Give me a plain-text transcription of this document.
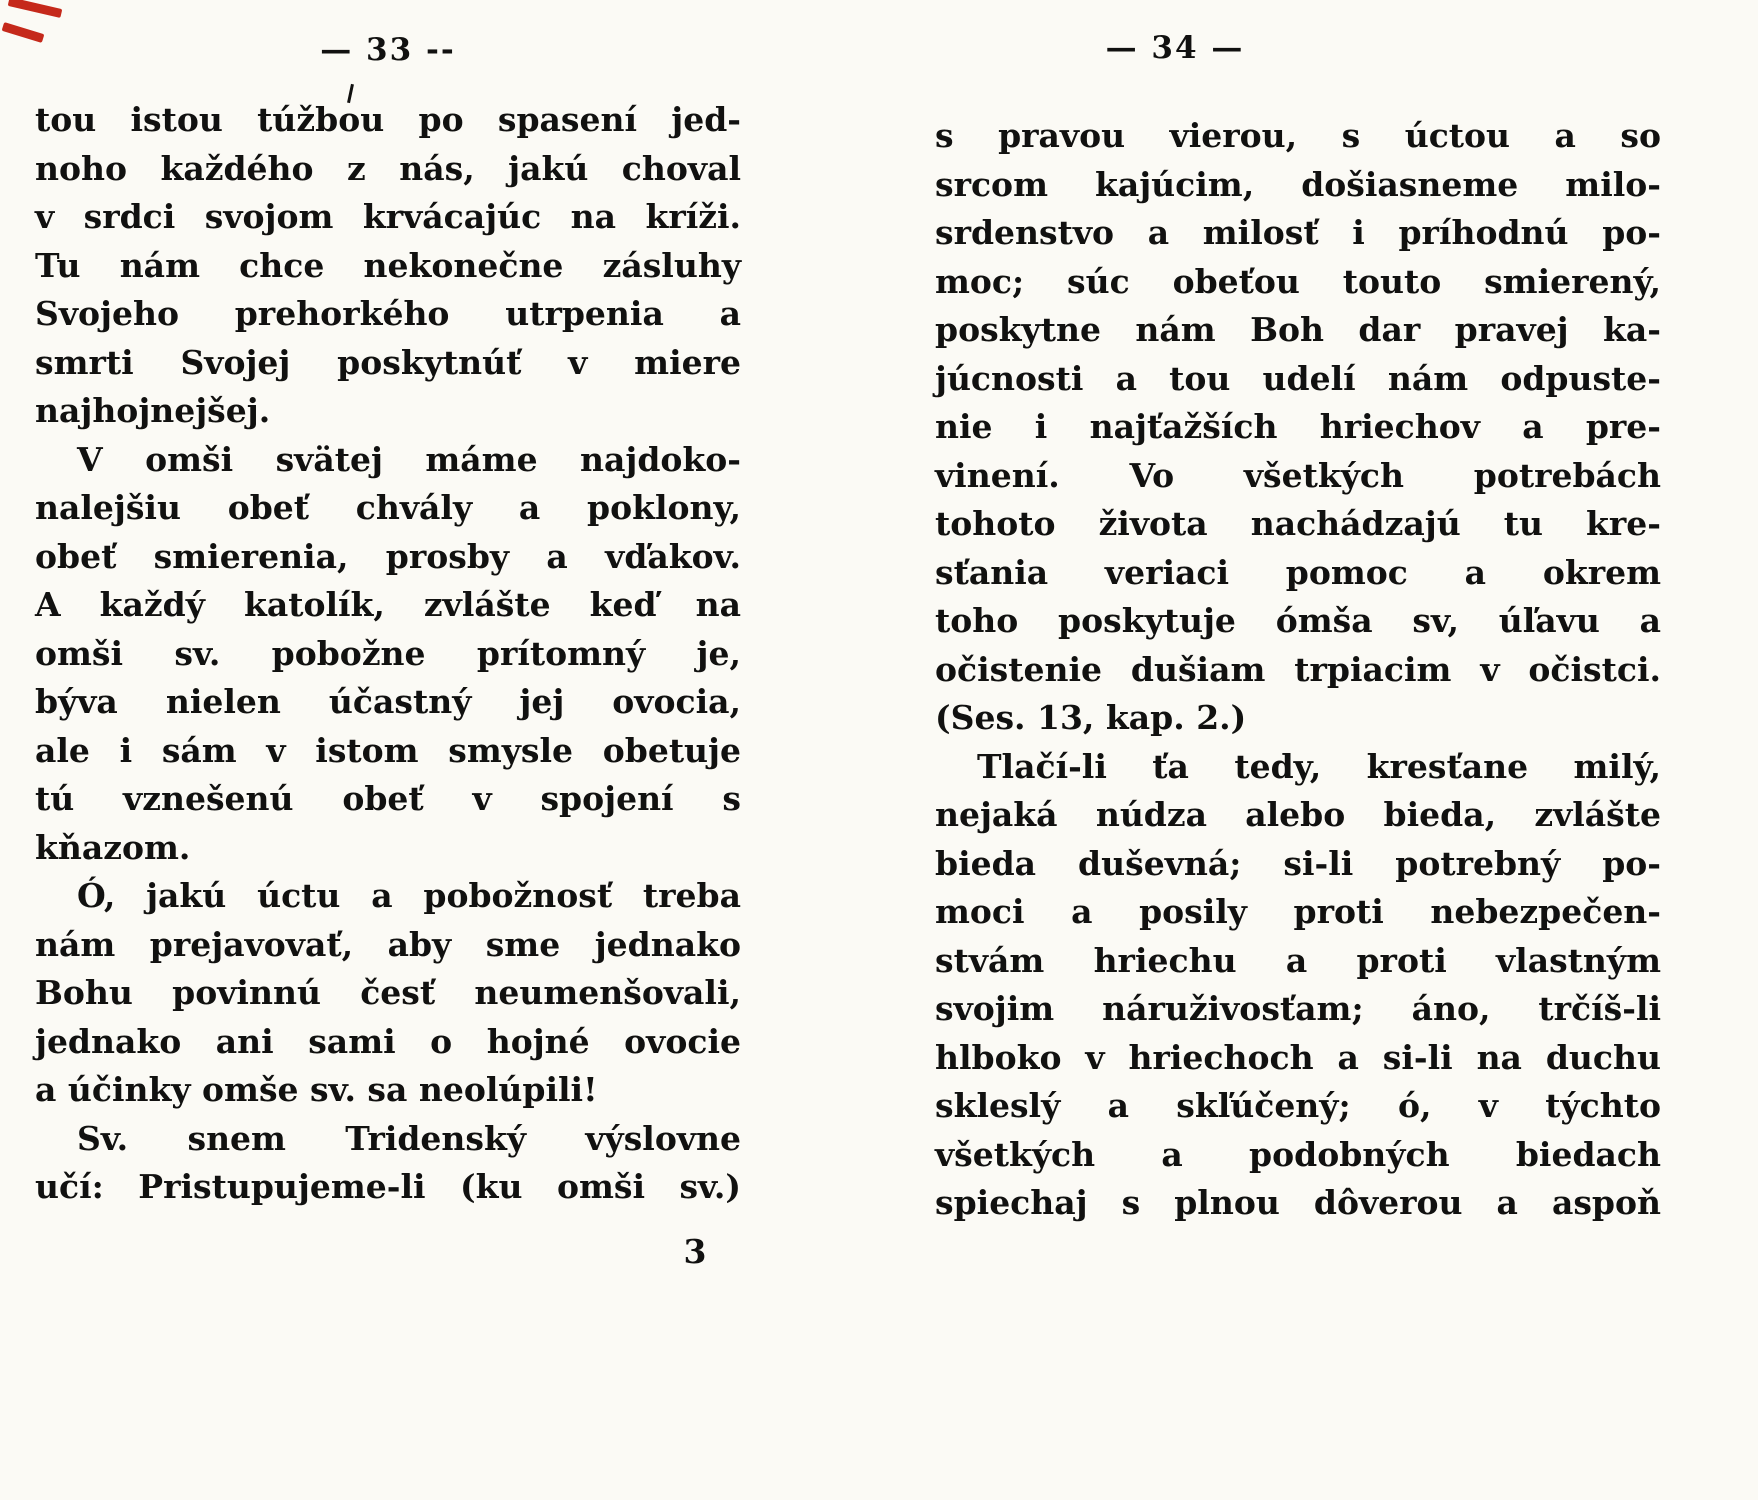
— 33 --
tou istou túžbou po spasení jed-
noho každého z nás, jakú choval
v srdci svojom krvácajúc na kríži.
Tu nám chce nekonečne zásluhy
Svojeho prehorkého utrpenia a
smrti Svojej poskytnúť v miere
najhojnejšej.
V omši svätej máme najdoko-
nalejšiu obeť chvály a poklony,
obeť smierenia, prosby a vďakov.
A každý katolík, zvlášte keď na
omši sv. pobožne prítomný je,
býva nielen účastný jej ovocia,
ale i sám v istom smysle obetuje
tú vznešenú obeť v spojení s
kňazom.
Ó, jakú úctu a pobožnosť treba
nám prejavovať, aby sme jednako
Bohu povinnú česť neumenšovali,
jednako ani sami o hojné ovocie
a účinky omše sv. sa neolúpili!
Sv. snem Tridenský výslovne
učí: Pristupujeme-li (ku omši sv.)
3
— 34 —
s pravou vierou, s úctou a so
srcom kajúcim, došiasneme milo-
srdenstvo a milosť i príhodnú po-
moc; súc obeťou touto smierený,
poskytne nám Boh dar pravej ka-
júcnosti a tou udelí nám odpuste-
nie i najťažších hriechov a pre-
vinení. Vo všetkých potrebách
tohoto života nachádzajú tu kre-
sťania veriaci pomoc a okrem
toho poskytuje ómša sv, úľavu a
očistenie dušiam trpiacim v očistci.
(Ses. 13, kap. 2.)
Tlačí-li ťa tedy, kresťane milý,
nejaká núdza alebo bieda, zvlášte
bieda duševná; si-li potrebný po-
moci a posily proti nebezpečen-
stvám hriechu a proti vlastným
svojim náruživosťam; áno, trčíš-li
hlboko v hriechoch a si-li na duchu
skleslý a skľúčený; ó, v týchto
všetkých a podobných biedach
spiechaj s plnou dôverou a aspoň
